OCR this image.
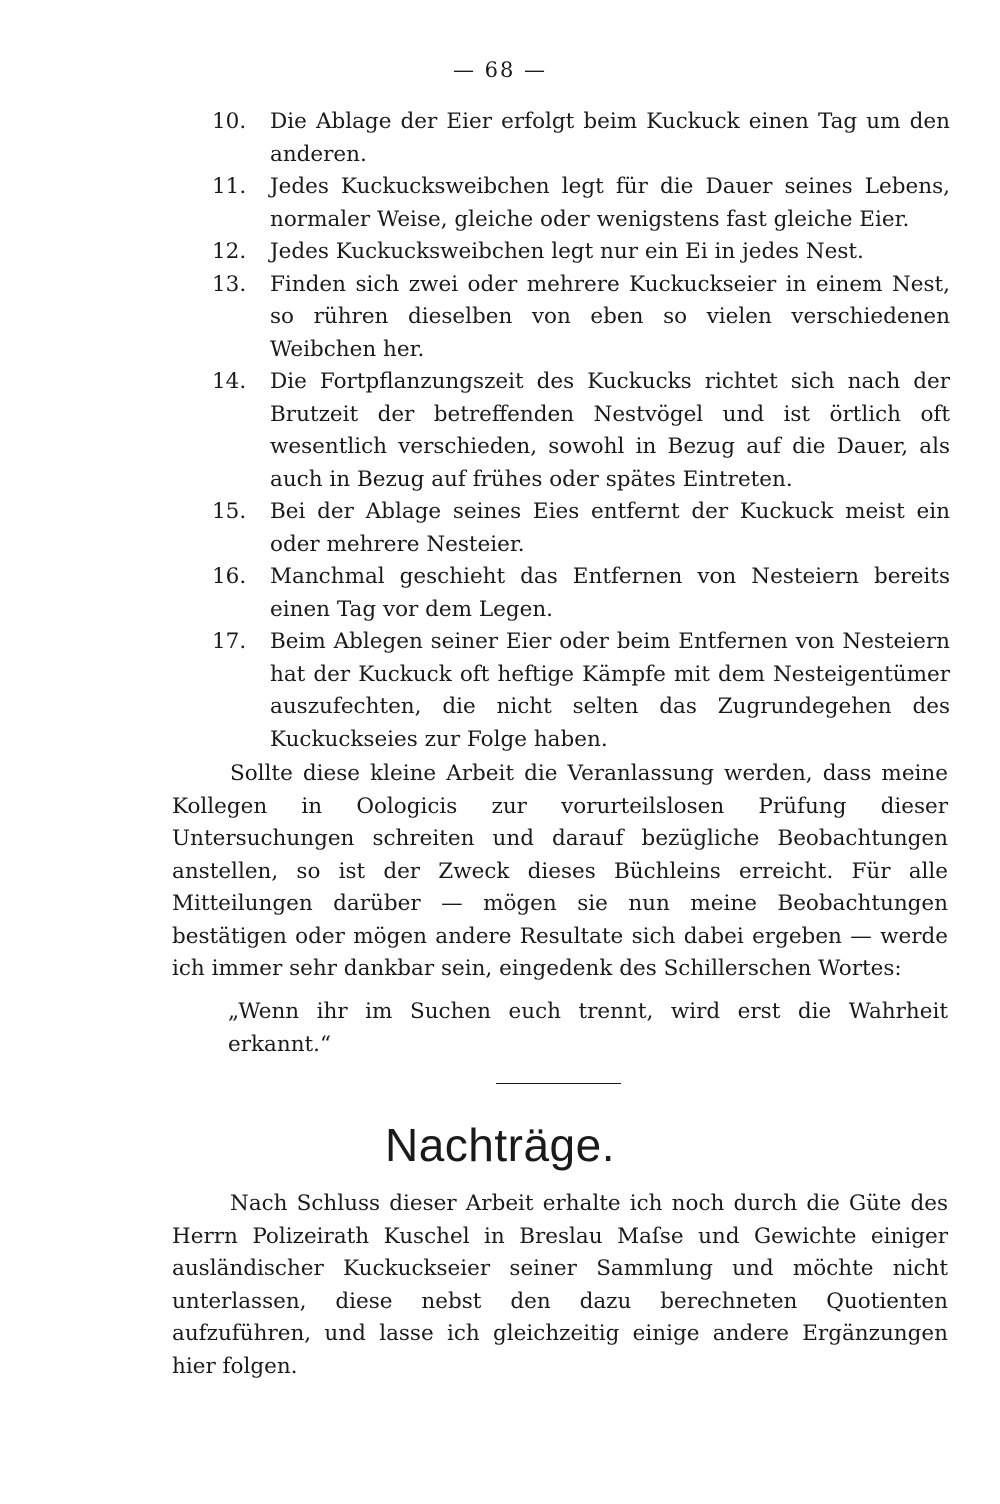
— 68 —
10. Die Ablage der Eier erfolgt beim Kuckuck einen Tag um den anderen.
11. Jedes Kuckucksweibchen legt für die Dauer seines Lebens, normaler Weise, gleiche oder wenigstens fast gleiche Eier.
12. Jedes Kuckucksweibchen legt nur ein Ei in jedes Nest.
13. Finden sich zwei oder mehrere Kuckuckseier in einem Nest, so rühren dieselben von eben so vielen verschiedenen Weibchen her.
14. Die Fortpflanzungszeit des Kuckucks richtet sich nach der Brutzeit der betreffenden Nestvögel und ist örtlich oft wesentlich verschieden, sowohl in Bezug auf die Dauer, als auch in Bezug auf frühes oder spätes Eintreten.
15. Bei der Ablage seines Eies entfernt der Kuckuck meist ein oder mehrere Nesteier.
16. Manchmal geschieht das Entfernen von Nesteiern bereits einen Tag vor dem Legen.
17. Beim Ablegen seiner Eier oder beim Entfernen von Nesteiern hat der Kuckuck oft heftige Kämpfe mit dem Nesteigentümer auszufechten, die nicht selten das Zugrundegehen des Kuckuckseies zur Folge haben.

Sollte diese kleine Arbeit die Veranlassung werden, dass meine Kollegen in Oologicis zur vorurteilslosen Prüfung dieser Untersuchungen schreiten und darauf bezügliche Beobachtungen anstellen, so ist der Zweck dieses Büchleins erreicht. Für alle Mitteilungen darüber — mögen sie nun meine Beobachtungen bestätigen oder mögen andere Resultate sich dabei ergeben — werde ich immer sehr dankbar sein, eingedenk des Schillerschen Wortes:

„Wenn ihr im Suchen euch trennt, wird erst die Wahrheit erkannt.“

Nachträge.

Nach Schluss dieser Arbeit erhalte ich noch durch die Güte des Herrn Polizeirath Kuschel in Breslau Maſse und Gewichte einiger ausländischer Kuckuckseier seiner Sammlung und möchte nicht unterlassen, diese nebst den dazu berechneten Quotienten aufzuführen, und lasse ich gleichzeitig einige andere Ergänzungen hier folgen.
